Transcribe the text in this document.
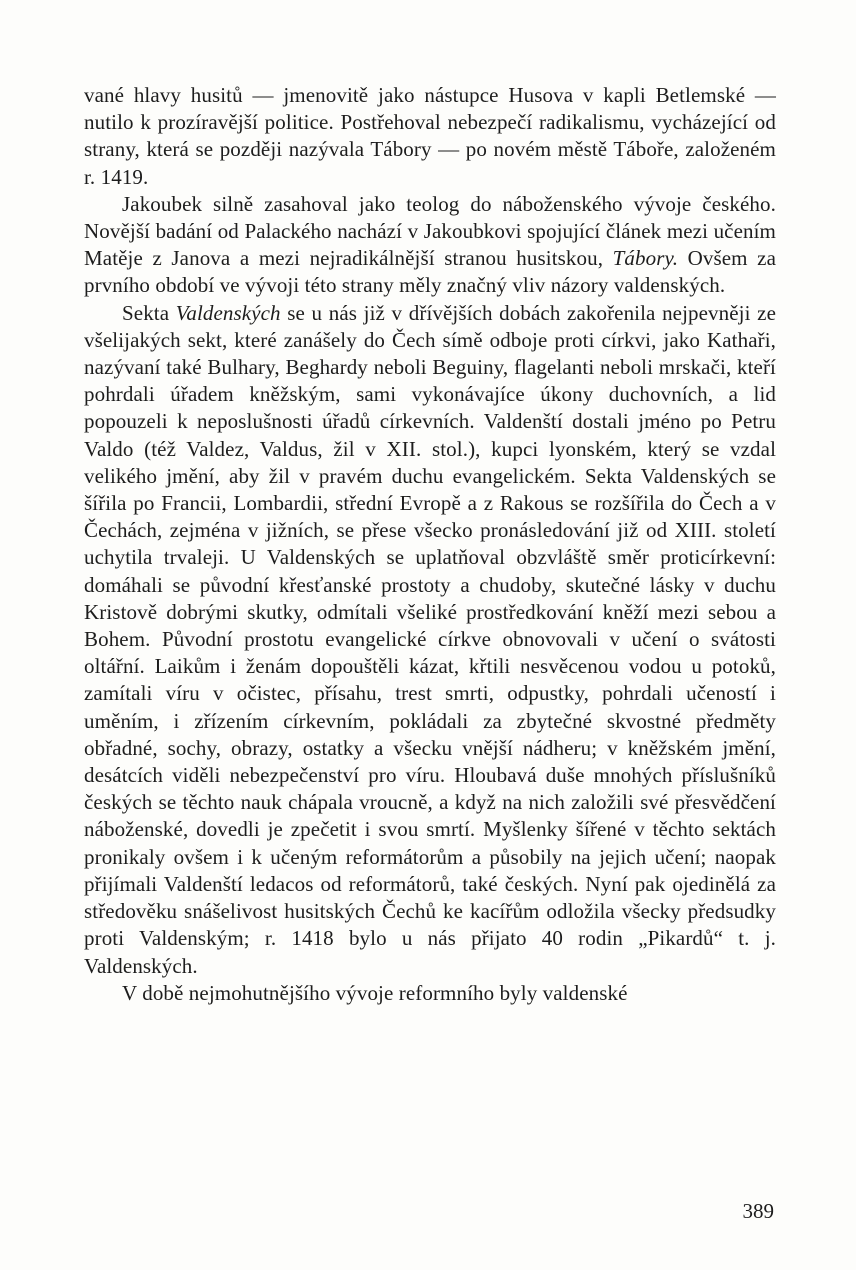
vané hlavy husitů — jmenovitě jako nástupce Husova v kapli Betlemské — nutilo k prozíravější politice. Postřehoval nebezpečí radikalismu, vycházející od strany, která se později nazývala Tábory — po novém městě Táboře, založeném r. 1419.

Jakoubek silně zasahoval jako teolog do náboženského vývoje českého. Novější badání od Palackého nachází v Jakoubkovi spojující článek mezi učením Matěje z Janova a mezi nejradikálnější stranou husitskou, Tábory. Ovšem za prvního období ve vývoji této strany měly značný vliv názory valdenských.

Sekta Valdenských se u nás již v dřívějších dobách zakořenila nejpevněji ze všelijakých sekt, které zanášely do Čech símě odboje proti církvi, jako Kathaři, nazývaní také Bulhary, Beghardy neboli Beguiny, flagelanti neboli mrskači, kteří pohrdali úřadem kněžským, sami vykonávajíce úkony duchovních, a lid popouzeli k neposlušnosti úřadů církevních. Valdenští dostali jméno po Petru Valdo (též Valdez, Valdus, žil v XII. stol.), kupci lyonském, který se vzdal velikého jmění, aby žil v pravém duchu evangelickém. Sekta Valdenských se šířila po Francii, Lombardii, střední Evropě a z Rakous se rozšířila do Čech a v Čechách, zejména v jižních, se přese všecko pronásledování již od XIII. století uchytila trvaleji. U Valdenských se uplatňoval obzvláště směr proticírkevní: domáhali se původní křesťanské prostoty a chudoby, skutečné lásky v duchu Kristově dobrými skutky, odmítali všeliké prostředkování kněží mezi sebou a Bohem. Původní prostotu evangelické církve obnovovali v učení o svátosti oltářní. Laikům i ženám dopouštěli kázat, křtili nesvěcenou vodou u potoků, zamítali víru v očistec, přísahu, trest smrti, odpustky, pohrdali učeností i uměním, i zřízením církevním, pokládali za zbytečné skvostné předměty obřadné, sochy, obrazy, ostatky a všecku vnější nádheru; v kněžském jmění, desátcích viděli nebezpečenství pro víru. Hloubavá duše mnohých příslušníků českých se těchto nauk chápala vroucně, a když na nich založili své přesvědčení náboženské, dovedli je zpečetit i svou smrtí. Myšlenky šířené v těchto sektách pronikaly ovšem i k učeným reformátorům a působily na jejich učení; naopak přijímali Valdenští ledacos od reformátorů, také českých. Nyní pak ojedinělá za středověku snášelivost husitských Čechů ke kacířům odložila všecky předsudky proti Valdenským; r. 1418 bylo u nás přijato 40 rodin „Pikardů“ t. j. Valdenských.

V době nejmohutnějšího vývoje reformního byly valdenské

389
